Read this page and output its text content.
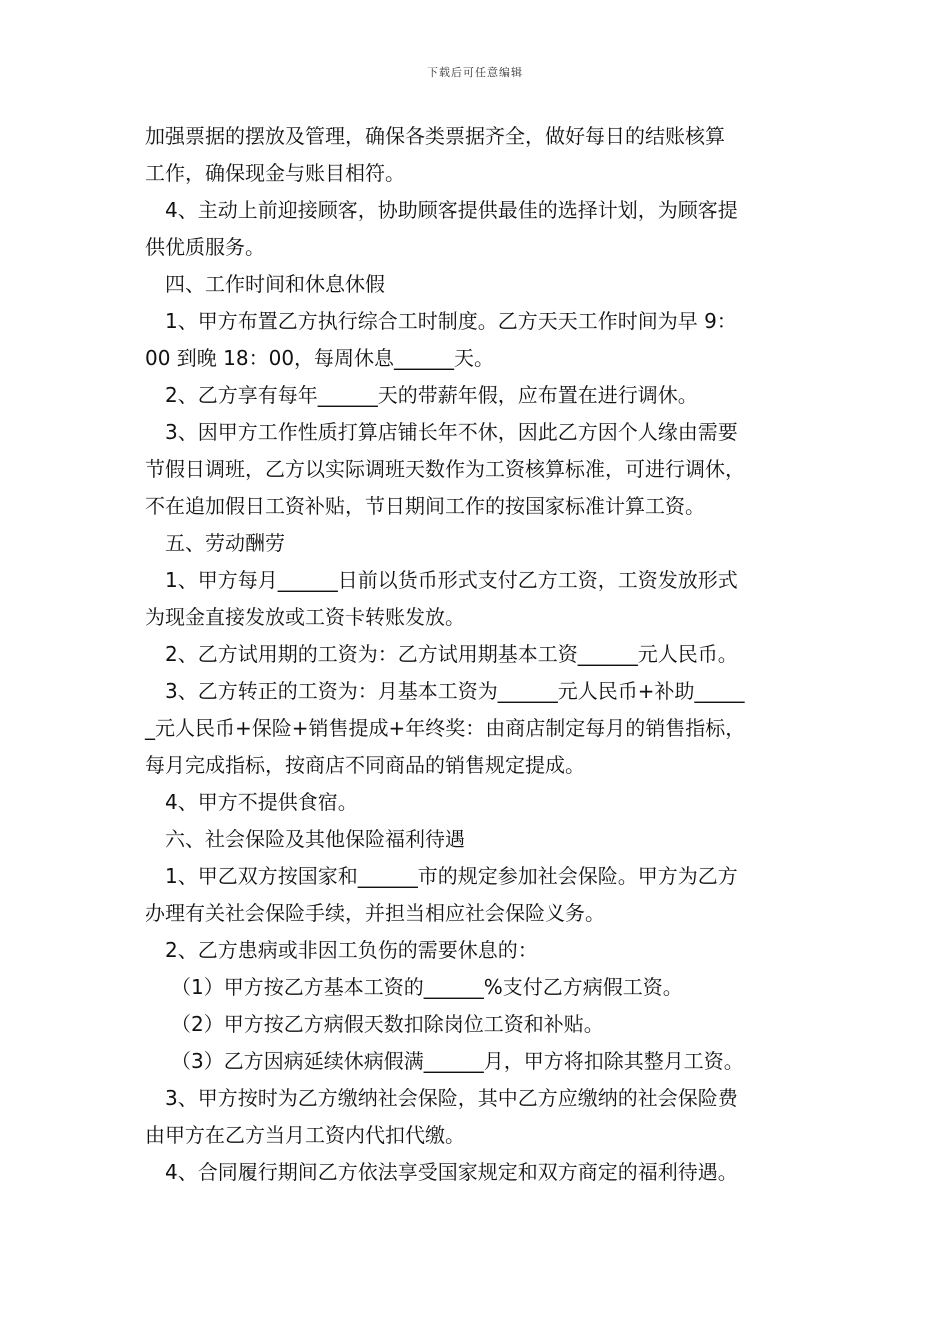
下载后可任意编辑
加强票据的摆放及管理，确保各类票据齐全，做好每日的结账核算
工作，确保现金与账目相符。
4、主动上前迎接顾客，协助顾客提供最佳的选择计划，为顾客提
供优质服务。
四、工作时间和休息休假
1、甲方布置乙方执行综合工时制度。乙方天天工作时间为早 9：
00 到晚 18：00，每周休息______天。
2、乙方享有每年______天的带薪年假，应布置在进行调休。
3、因甲方工作性质打算店铺长年不休，因此乙方因个人缘由需要
节假日调班，乙方以实际调班天数作为工资核算标准，可进行调休，
不在追加假日工资补贴，节日期间工作的按国家标准计算工资。
五、劳动酬劳
1、甲方每月______日前以货币形式支付乙方工资，工资发放形式
为现金直接发放或工资卡转账发放。
2、乙方试用期的工资为：乙方试用期基本工资______元人民币。
3、乙方转正的工资为：月基本工资为______元人民币+补助_____
_元人民币+保险+销售提成+年终奖：由商店制定每月的销售指标，
每月完成指标，按商店不同商品的销售规定提成。
4、甲方不提供食宿。
六、社会保险及其他保险福利待遇
1、甲乙双方按国家和______市的规定参加社会保险。甲方为乙方
办理有关社会保险手续，并担当相应社会保险义务。
2、乙方患病或非因工负伤的需要休息的：
（1）甲方按乙方基本工资的______%支付乙方病假工资。
（2）甲方按乙方病假天数扣除岗位工资和补贴。
（3）乙方因病延续休病假满______月，甲方将扣除其整月工资。
3、甲方按时为乙方缴纳社会保险，其中乙方应缴纳的社会保险费
由甲方在乙方当月工资内代扣代缴。
4、合同履行期间乙方依法享受国家规定和双方商定的福利待遇。
